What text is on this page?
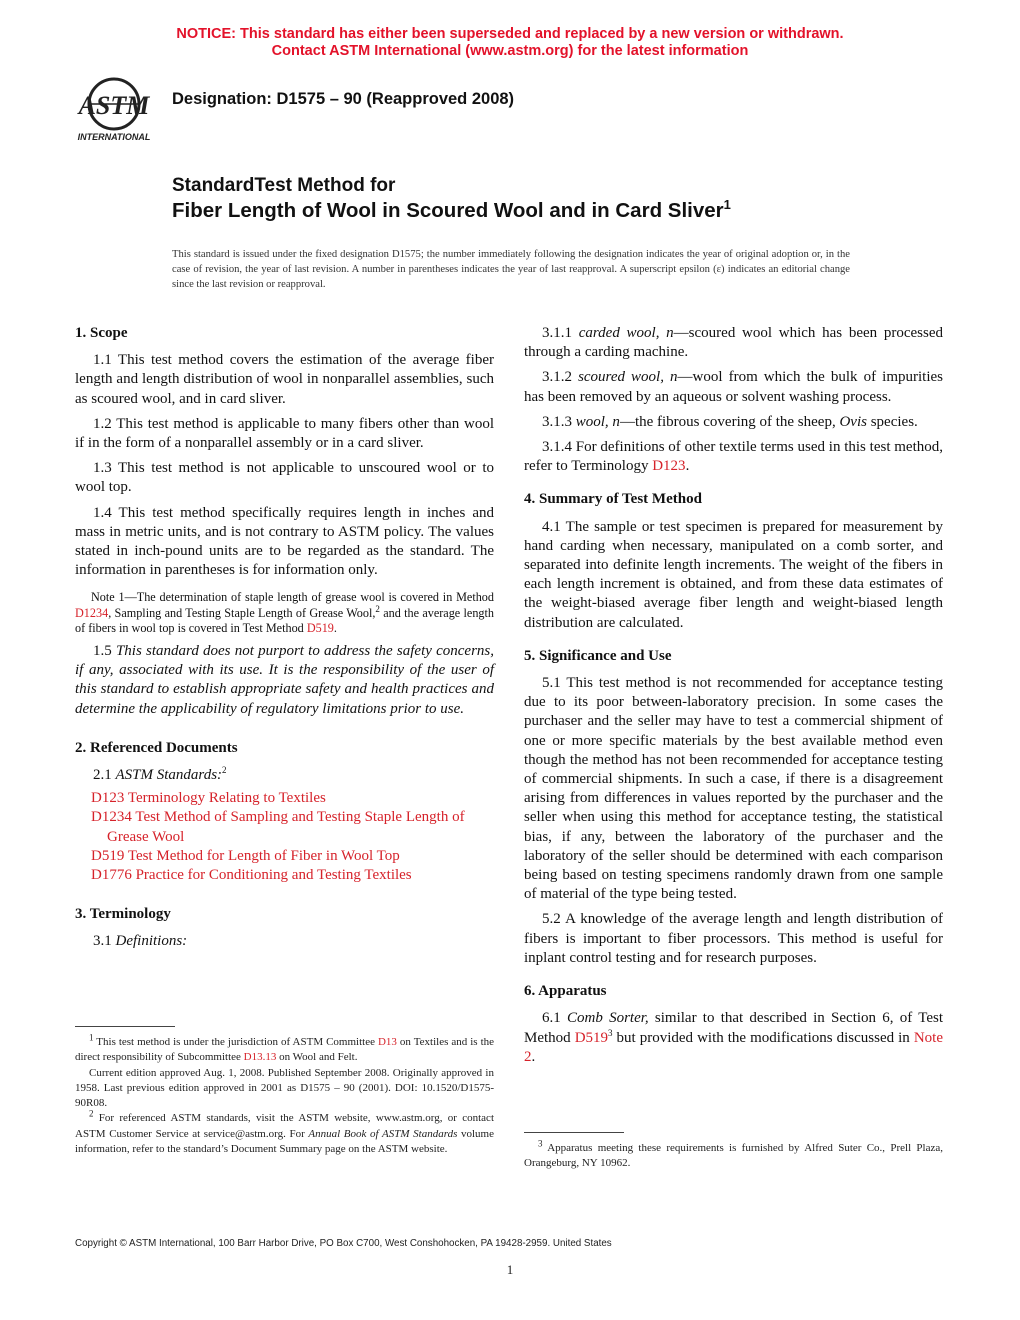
NOTICE: This standard has either been superseded and replaced by a new version or withdrawn.
Contact ASTM International (www.astm.org) for the latest information
ASTM
INTERNATIONAL
Designation: D1575 – 90 (Reapproved 2008)
StandardTest Method for
Fiber Length of Wool in Scoured Wool and in Card Sliver$^1$
This standard is issued under the fixed designation D1575; the number immediately following the designation indicates the year of original adoption or, in the case of revision, the year of last revision. A number in parentheses indicates the year of last reapproval. A superscript epsilon (ε) indicates an editorial change since the last revision or reapproval.
1. Scope
1.1 This test method covers the estimation of the average fiber length and length distribution of wool in nonparallel assemblies, such as scoured wool, and in card sliver.
1.2 This test method is applicable to many fibers other than wool if in the form of a nonparallel assembly or in a card sliver.
1.3 This test method is not applicable to unscoured wool or to wool top.
1.4 This test method specifically requires length in inches and mass in metric units, and is not contrary to ASTM policy. The values stated in inch-pound units are to be regarded as the standard. The information in parentheses is for information only.
Note 1—The determination of staple length of grease wool is covered in Method D1234, Sampling and Testing Staple Length of Grease Wool,$^2$ and the average length of fibers in wool top is covered in Test Method D519.
1.5 This standard does not purport to address the safety concerns, if any, associated with its use. It is the responsibility of the user of this standard to establish appropriate safety and health practices and determine the applicability of regulatory limitations prior to use.
2. Referenced Documents
2.1 ASTM Standards:$^2$
D123 Terminology Relating to Textiles
D1234 Test Method of Sampling and Testing Staple Length of Grease Wool
D519 Test Method for Length of Fiber in Wool Top
D1776 Practice for Conditioning and Testing Textiles
3. Terminology
3.1 Definitions:

$^1$ This test method is under the jurisdiction of ASTM Committee D13 on Textiles and is the direct responsibility of Subcommittee D13.13 on Wool and Felt.

Current edition approved Aug. 1, 2008. Published September 2008. Originally approved in 1958. Last previous edition approved in 2001 as D1575 – 90 (2001). DOI: 10.1520/D1575-90R08.

$^2$ For referenced ASTM standards, visit the ASTM website, www.astm.org, or contact ASTM Customer Service at service@astm.org. For Annual Book of ASTM Standards volume information, refer to the standard’s Document Summary page on the ASTM website.

3.1.1 carded wool, n—scoured wool which has been processed through a carding machine.
3.1.2 scoured wool, n—wool from which the bulk of impurities has been removed by an aqueous or solvent washing process.
3.1.3 wool, n—the fibrous covering of the sheep, Ovis species.
3.1.4 For definitions of other textile terms used in this test method, refer to Terminology D123.
4. Summary of Test Method
4.1 The sample or test specimen is prepared for measurement by hand carding when necessary, manipulated on a comb sorter, and separated into definite length increments. The weight of the fibers in each length increment is obtained, and from these data estimates of the weight-biased average fiber length and weight-biased length distribution are calculated.
5. Significance and Use
5.1 This test method is not recommended for acceptance testing due to its poor between-laboratory precision. In some cases the purchaser and the seller may have to test a commercial shipment of one or more specific materials by the best available method even though the method has not been recommended for acceptance testing of commercial shipments. In such a case, if there is a disagreement arising from differences in values reported by the purchaser and the seller when using this method for acceptance testing, the statistical bias, if any, between the laboratory of the purchaser and the laboratory of the seller should be determined with each comparison being based on testing specimens randomly drawn from one sample of material of the type being tested.
5.2 A knowledge of the average length and length distribution of fibers is important to fiber processors. This method is useful for inplant control testing and for research purposes.
6. Apparatus
6.1 Comb Sorter, similar to that described in Section 6, of Test Method $D519^3$ but provided with the modifications discussed in Note 2.

$^3$ Apparatus meeting these requirements is furnished by Alfred Suter Co., Prell Plaza, Orangeburg, NY 10962.

Copyright © ASTM International, 100 Barr Harbor Drive, PO Box C700, West Conshohocken, PA 19428-2959. United States
1
